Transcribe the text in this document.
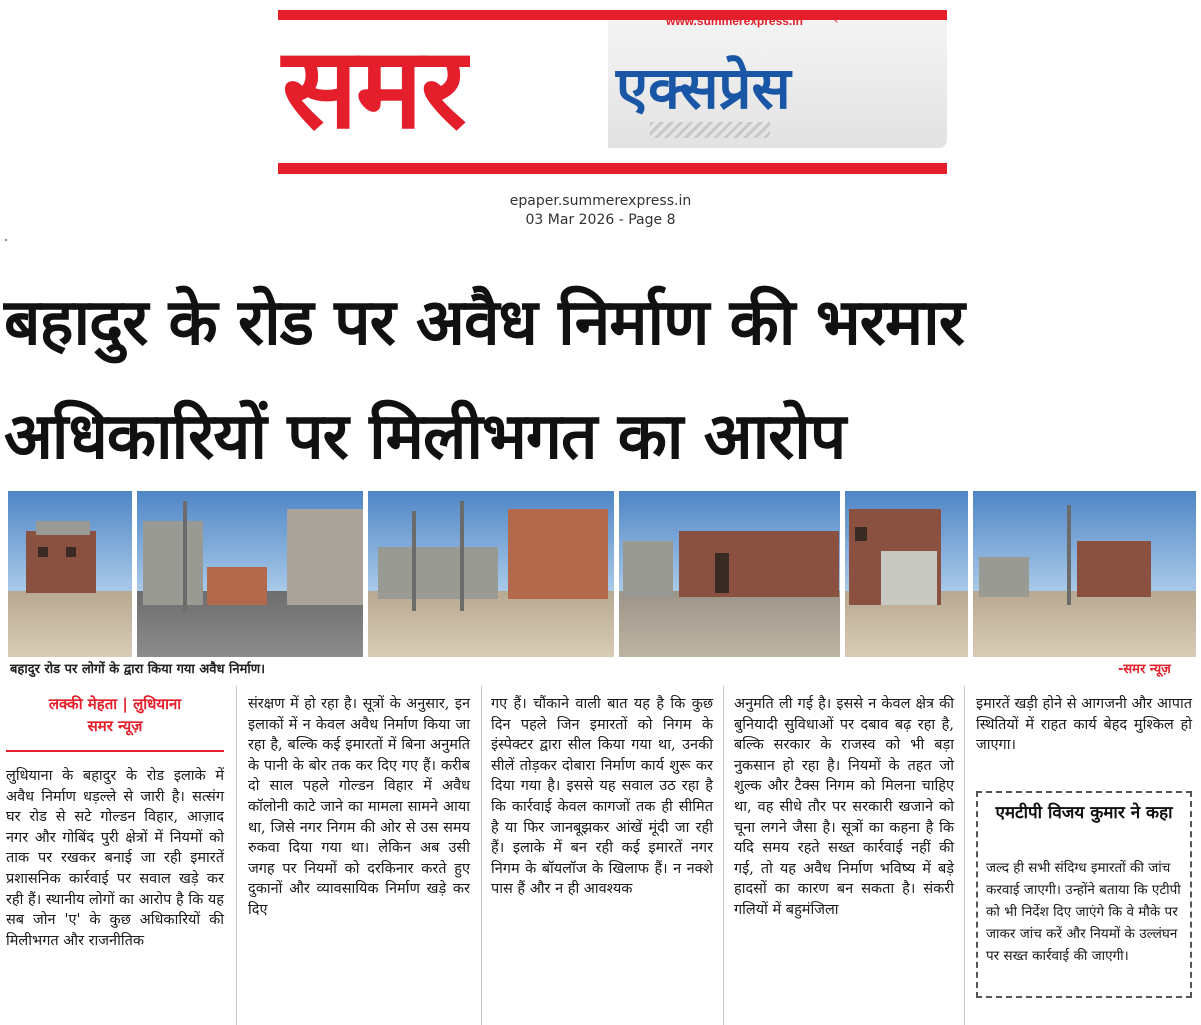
www.summerexpress.in ↖
समर	एक्सप्रेस
epaper.summerexpress.in
03 Mar 2026 - Page 8
बहादुर के रोड पर अवैध निर्माण की भरमार
अधिकारियों पर मिलीभगत का आरोप
बहादुर रोड पर लोगों के द्वारा किया गया अवैध निर्माण।	-समर न्यूज़
लक्की मेहता | लुधियाना
समर न्यूज़

लुधियाना के बहादुर के रोड इलाके में अवैध निर्माण धड़ल्ले से जारी है। सत्संग घर रोड से सटे गोल्डन विहार, आज़ाद नगर और गोबिंद पुरी क्षेत्रों में नियमों को ताक पर रखकर बनाई जा रही इमारतें प्रशासनिक कार्रवाई पर सवाल खड़े कर रही हैं। स्थानीय लोगों का आरोप है कि यह सब जोन 'ए' के कुछ अधिकारियों की मिलीभगत और राजनीतिक

संरक्षण में हो रहा है। सूत्रों के अनुसार, इन इलाकों में न केवल अवैध निर्माण किया जा रहा है, बल्कि कई इमारतों में बिना अनुमति के पानी के बोर तक कर दिए गए हैं। करीब दो साल पहले गोल्डन विहार में अवैध कॉलोनी काटे जाने का मामला सामने आया था, जिसे नगर निगम की ओर से उस समय रुकवा दिया गया था। लेकिन अब उसी जगह पर नियमों को दरकिनार करते हुए दुकानों और व्यावसायिक निर्माण खड़े कर दिए

गए हैं। चौंकाने वाली बात यह है कि कुछ दिन पहले जिन इमारतों को निगम के इंस्पेक्टर द्वारा सील किया गया था, उनकी सीलें तोड़कर दोबारा निर्माण कार्य शुरू कर दिया गया है। इससे यह सवाल उठ रहा है कि कार्रवाई केवल कागजों तक ही सीमित है या फिर जानबूझकर आंखें मूंदी जा रही हैं। इलाके में बन रही कई इमारतें नगर निगम के बॉयलॉज के खिलाफ हैं। न नक्शे पास हैं और न ही आवश्यक

अनुमति ली गई है। इससे न केवल क्षेत्र की बुनियादी सुविधाओं पर दबाव बढ़ रहा है, बल्कि सरकार के राजस्व को भी बड़ा नुकसान हो रहा है। नियमों के तहत जो शुल्क और टैक्स निगम को मिलना चाहिए था, वह सीधे तौर पर सरकारी खजाने को चूना लगने जैसा है। सूत्रों का कहना है कि यदि समय रहते सख्त कार्रवाई नहीं की गई, तो यह अवैध निर्माण भविष्य में बड़े हादसों का कारण बन सकता है। संकरी गलियों में बहुमंजिला

इमारतें खड़ी होने से आगजनी और आपात स्थितियों में राहत कार्य बेहद मुश्किल हो जाएगा।

एमटीपी विजय कुमार ने कहा
जल्द ही सभी संदिग्ध इमारतों की जांच करवाई जाएगी। उन्होंने बताया कि एटीपी को भी निर्देश दिए जाएंगे कि वे मौके पर जाकर जांच करें और नियमों के उल्लंघन पर सख्त कार्रवाई की जाएगी।
